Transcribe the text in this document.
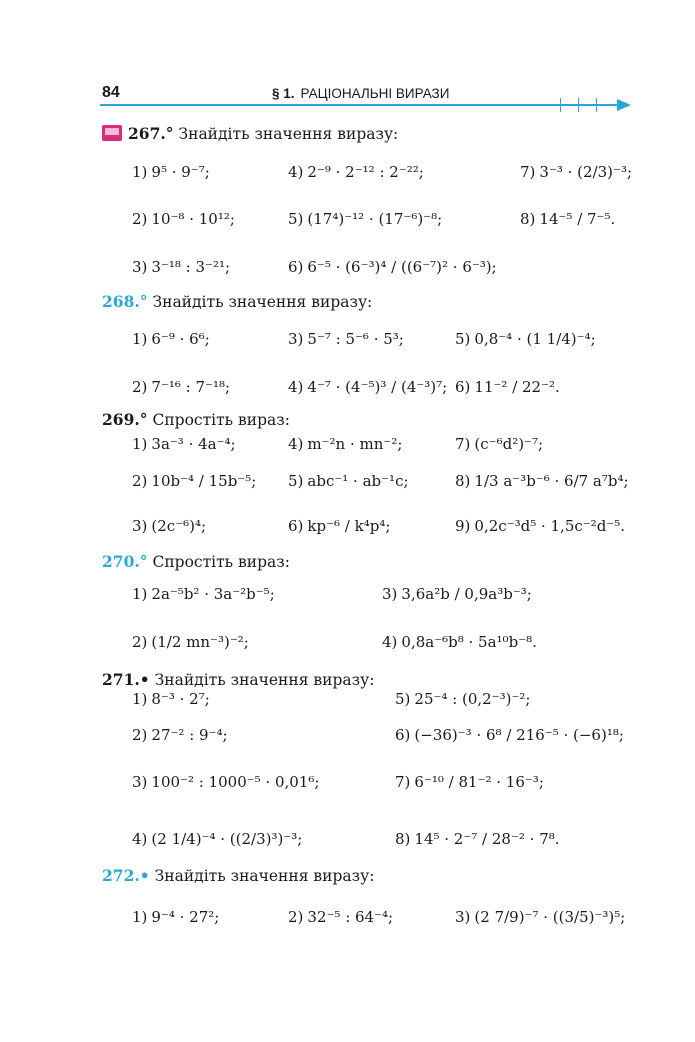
84	§ 1. РАЦІОНАЛЬНІ ВИРАЗИ
267.° Знайдіть значення виразу:
1) 9⁵ · 9⁻⁷;	4) 2⁻⁹ · 2⁻¹² : 2⁻²²;	7) 3⁻³ · (2/3)⁻³;
2) 10⁻⁸ · 10¹²;	5) (17⁴)⁻¹² · (17⁻⁶)⁻⁸;	8) 14⁻⁵ / 7⁻⁵.
3) 3⁻¹⁸ : 3⁻²¹;	6) 6⁻⁵ · (6⁻³)⁴ / ((6⁻⁷)² · 6⁻³);
268.° Знайдіть значення виразу:
1) 6⁻⁹ · 6⁶;	3) 5⁻⁷ : 5⁻⁶ · 5³;	5) 0,8⁻⁴ · (1 1/4)⁻⁴;
2) 7⁻¹⁶ : 7⁻¹⁸;	4) 4⁻⁷ · (4⁻⁵)³ / (4⁻³)⁷; 6) 11⁻² / 22⁻².
269.° Спростіть вираз:
1) 3a⁻³ · 4a⁻⁴;	4) m⁻²n · mn⁻²;	7) (c⁻⁶d²)⁻⁷;
2) 10b⁻⁴ / 15b⁻⁵; 5) abc⁻¹ · ab⁻¹c;	8) 1/3 a⁻³b⁻⁶ · 6/7 a⁷b⁴;
3) (2c⁻⁶)⁴;	6) kp⁻⁶ / k⁴p⁴;	9) 0,2c⁻³d⁵ · 1,5c⁻²d⁻⁵.
270.° Спростіть вираз:
1) 2a⁻⁵b² · 3a⁻²b⁻⁵;	3) 3,6a²b / 0,9a³b⁻³;
2) (1/2 mn⁻³)⁻²;	4) 0,8a⁻⁶b⁸ · 5a¹⁰b⁻⁸.
271.• Знайдіть значення виразу:
1) 8⁻³ · 2⁷;	5) 25⁻⁴ : (0,2⁻³)⁻²;
2) 27⁻² : 9⁻⁴;	6) (−36)⁻³ · 6⁸ / 216⁻⁵ · (−6)¹⁸;
3) 100⁻² : 1000⁻⁵ · 0,01⁶;	7) 6⁻¹⁰ / 81⁻² · 16⁻³;
4) (2 1/4)⁻⁴ · ((2/3)³)⁻³;	8) 14⁵ · 2⁻⁷ / 28⁻² · 7⁸.
272.• Знайдіть значення виразу:
1) 9⁻⁴ · 27²;	2) 32⁻⁵ : 64⁻⁴;	3) (2 7/9)⁻⁷ · ((3/5)⁻³)⁵;
